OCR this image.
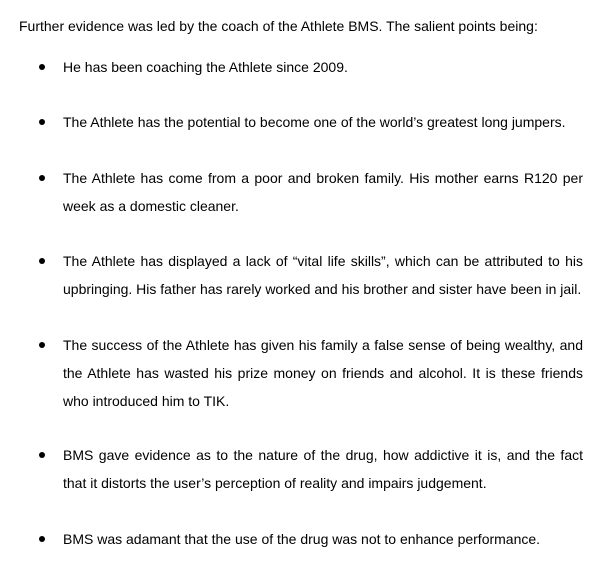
Further evidence was led by the coach of the Athlete BMS. The salient points being:

He has been coaching the Athlete since 2009.
The Athlete has the potential to become one of the world’s greatest long jumpers.
The Athlete has come from a poor and broken family. His mother earns R120 per week as a domestic cleaner.
The Athlete has displayed a lack of “vital life skills”, which can be attributed to his upbringing. His father has rarely worked and his brother and sister have been in jail.
The success of the Athlete has given his family a false sense of being wealthy, and the Athlete has wasted his prize money on friends and alcohol. It is these friends who introduced him to TIK.
BMS gave evidence as to the nature of the drug, how addictive it is, and the fact that it distorts the user’s perception of reality and impairs judgement.
BMS was adamant that the use of the drug was not to enhance performance.
